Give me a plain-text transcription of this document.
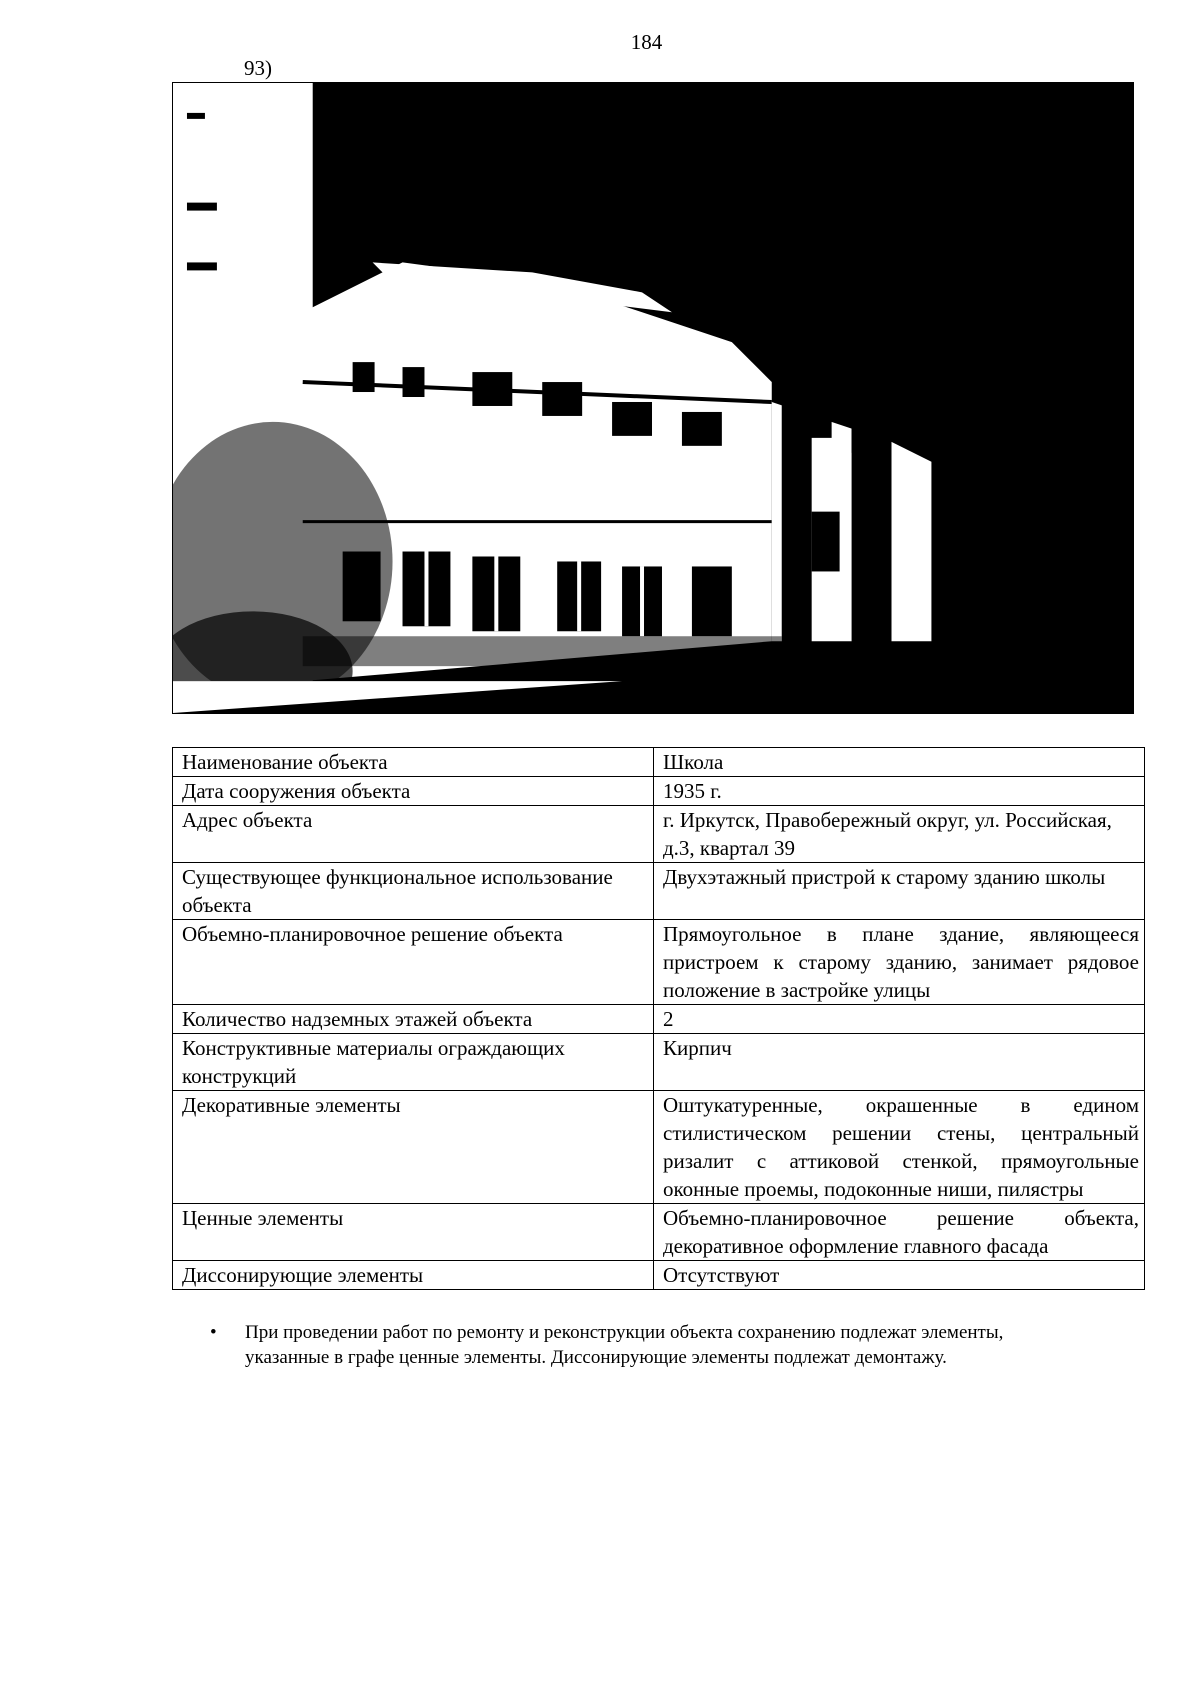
184
93)
Наименование объекта	Школа
Дата сооружения объекта	1935 г.
Адрес объекта	г. Иркутск, Правобережный округ, ул. Российская, д.3, квартал 39
Существующее функциональное использование объекта	Двухэтажный пристрой к старому зданию школы
Объемно-планировочное решение объекта	Прямоугольное в плане здание, являющееся пристроем к старому зданию, занимает рядовое положение в застройке улицы
Количество надземных этажей объекта	2
Конструктивные материалы ограждающих конструкций	Кирпич
Декоративные элементы	Оштукатуренные, окрашенные в едином стилистическом решении стены, центральный ризалит с аттиковой стенкой, прямоугольные оконные проемы, подоконные ниши, пилястры
Ценные элементы	Объемно-планировочное решение объекта, декоративное оформление главного фасада
Диссонирующие элементы	Отсутствуют
• При проведении работ по ремонту и реконструкции объекта сохранению подлежат элементы, указанные в графе ценные элементы. Диссонирующие элементы подлежат демонтажу.
